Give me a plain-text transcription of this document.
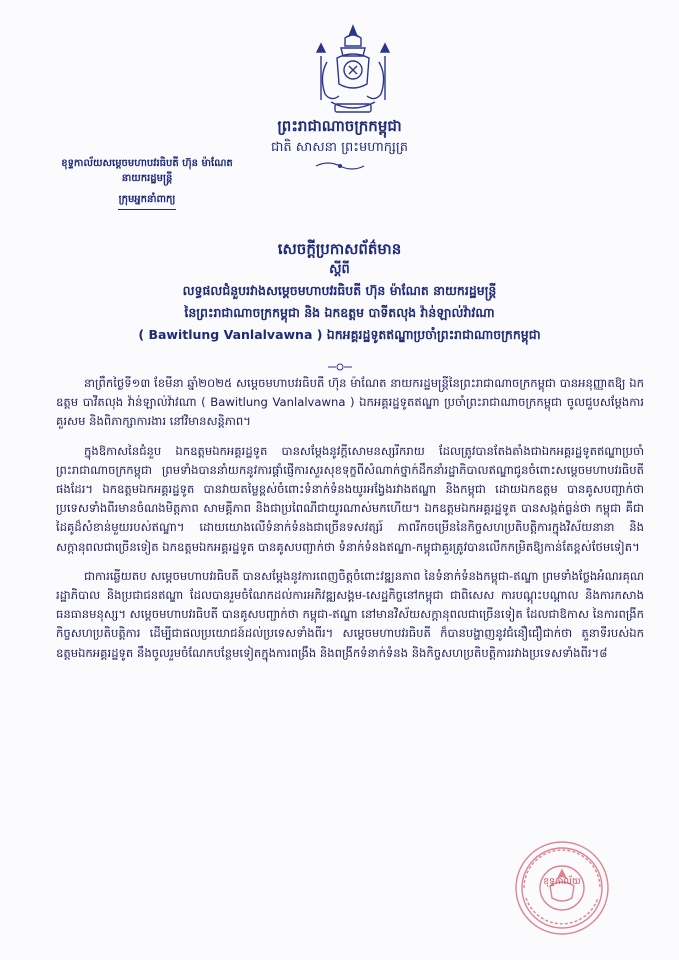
ព្រះរាជាណាចក្រកម្ពុជា
ជាតិ សាសនា ព្រះមហាក្សត្រ
ខុទ្ទកាល័យសម្ដេចមហាបវរធិបតី ហ៊ុន ម៉ាណែត
នាយករដ្ឋមន្ត្រី
ក្រុមអ្នកនាំពាក្យ
សេចក្តីប្រកាសព័ត៌មាន
ស្តីពី
លទ្ធផលជំនួបរវាងសម្តេចមហាបវរធិបតី ហ៊ុន ម៉ាណែត នាយករដ្ឋមន្ត្រី
នៃព្រះរាជាណាចក្រកម្ពុជា និង ឯកឧត្តម បាទីតលុង វ៉ាន់ឡាល់វ៉ាវណា
( Bawitlung Vanlalvawna ) ឯកអគ្គរដ្ឋទូតឥណ្ឌាប្រចាំព្រះរាជាណាចក្រកម្ពុជា

នាព្រឹកថ្ងៃទី១៣ ខែមីនា ឆ្នាំ២០២៥ សម្តេចមហាបវរធិបតី ហ៊ុន ម៉ាណែត នាយករដ្ឋមន្ត្រីនៃព្រះរាជាណាចក្រកម្ពុជា បានអនុញ្ញាតឱ្យ ឯកឧត្តម បាវីតលុង វ៉ាន់ឡាល់វ៉ាវណា ( Bawitlung Vanlalvawna ) ឯកអគ្គរដ្ឋទូតឥណ្ឌា ប្រចាំព្រះរាជាណាចក្រកម្ពុជា ចូលជួបសម្តែងការគួរសម និងពិភាក្សាការងារ នៅវិមានសន្តិភាព។

ក្នុងឱកាសនៃជំនួប ឯកឧត្តមឯកអគ្គរដ្ឋទូត បានសម្តែងនូវក្តីសោមនស្សរីករាយ ដែលត្រូវបានតែងតាំងជាឯកអគ្គរដ្ឋទូតឥណ្ឌាប្រចាំព្រះរាជាណាចក្រកម្ពុជា ព្រមទាំងបាននាំយកនូវការផ្តាំផ្ញើការសួរសុខទុក្ខពីសំណាក់ថ្នាក់ដឹកនាំរដ្ឋាភិបាលឥណ្ឌាជូនចំពោះសម្តេចមហាបវរធិបតី ផងដែរ។ ឯកឧត្តមឯកអគ្គរដ្ឋទូត បានវាយតម្លៃខ្ពស់ចំពោះទំនាក់ទំនងយូរអង្វែងរវាងឥណ្ឌា និងកម្ពុជា ដោយឯកឧត្តម បានគូសបញ្ជាក់ថា ប្រទេសទាំងពីរមានចំណងមិត្តភាព សាមគ្គីភាព និងជាប្រពៃណីជាយូរណាស់មកហើយ។ ឯកឧត្តមឯកអគ្គរដ្ឋទូត បានសង្កត់ធ្ងន់ថា កម្ពុជា គឺជាដៃគូដ៏សំខាន់មួយរបស់ឥណ្ឌា។ ដោយយោងលើទំនាក់ទំនងជាច្រើនទសវត្សរ៍ ភាពរីកចម្រើននៃកិច្ចសហប្រតិបត្តិការក្នុងវិស័យនានា និងសក្តានុពលជាច្រើនទៀត ឯកឧត្តមឯកអគ្គរដ្ឋទូត បានគូសបញ្ជាក់ថា ទំនាក់ទំនងឥណ្ឌា-កម្ពុជាគួរត្រូវបានលើកកម្រិតឱ្យកាន់តែខ្ពស់ថែមទៀត។

ជាការឆ្លើយតប សម្តេចមហាបវរធិបតី បានសម្តែងនូវការពេញចិត្តចំពោះវឌ្ឍនភាព នៃទំនាក់ទំនងកម្ពុជា-ឥណ្ឌា ព្រមទាំងថ្លែងអំណរគុណរដ្ឋាភិបាល និងប្រជាជនឥណ្ឌា ដែលបានរួមចំណែកដល់ការអភិវឌ្ឍសង្គម-សេដ្ឋកិច្ចនៅកម្ពុជា ជាពិសេស ការបណ្តុះបណ្តាល និងការកសាងធនធានមនុស្ស។ សម្តេចមហាបវរធិបតី បានគូសបញ្ជាក់ថា កម្ពុជា-ឥណ្ឌា នៅមានវិស័យសក្តានុពលជាច្រើនទៀត ដែលជាឱកាស នៃការពង្រីកកិច្ចសហប្រតិបត្តិការ ដើម្បីជាផលប្រយោជន៍ដល់ប្រទេសទាំងពីរ។ សម្តេចមហាបវរធិបតី ក៏បានបង្ហាញនូវជំនឿជឿជាក់ថា តួនាទីរបស់ឯកឧត្តមឯកអគ្គរដ្ឋទូត នឹងចូលរួមចំណែកបន្ថែមទៀតក្នុងការពង្រឹង និងពង្រីកទំនាក់ទំនង និងកិច្ចសហប្រតិបត្តិការរវាងប្រទេសទាំងពីរ។៨

ខុទ្ទកាល័យ
